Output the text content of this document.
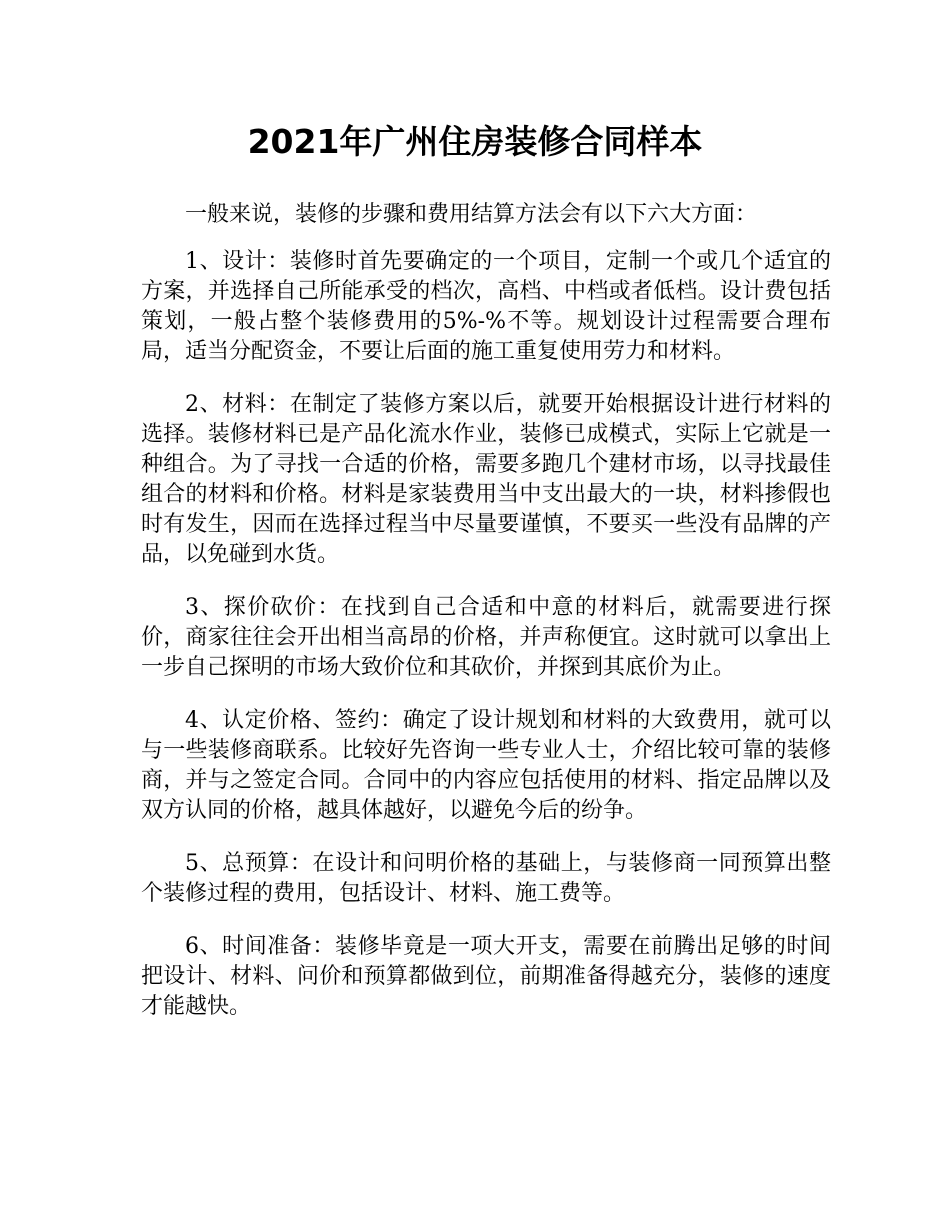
2021年广州住房装修合同样本

一般来说，装修的步骤和费用结算方法会有以下六大方面：

1、设计：装修时首先要确定的一个项目，定制一个或几个适宜的方案，并选择自己所能承受的档次，高档、中档或者低档。设计费包括策划，一般占整个装修费用的5%-%不等。规划设计过程需要合理布局，适当分配资金，不要让后面的施工重复使用劳力和材料。

2、材料：在制定了装修方案以后，就要开始根据设计进行材料的选择。装修材料已是产品化流水作业，装修已成模式，实际上它就是一种组合。为了寻找一合适的价格，需要多跑几个建材市场，以寻找最佳组合的材料和价格。材料是家装费用当中支出最大的一块，材料掺假也时有发生，因而在选择过程当中尽量要谨慎，不要买一些没有品牌的产品，以免碰到水货。

3、探价砍价：在找到自己合适和中意的材料后，就需要进行探价，商家往往会开出相当高昂的价格，并声称便宜。这时就可以拿出上一步自己探明的市场大致价位和其砍价，并探到其底价为止。

4、认定价格、签约：确定了设计规划和材料的大致费用，就可以与一些装修商联系。比较好先咨询一些专业人士，介绍比较可靠的装修商，并与之签定合同。合同中的内容应包括使用的材料、指定品牌以及双方认同的价格，越具体越好，以避免今后的纷争。

5、总预算：在设计和问明价格的基础上，与装修商一同预算出整个装修过程的费用，包括设计、材料、施工费等。

6、时间准备：装修毕竟是一项大开支，需要在前腾出足够的时间把设计、材料、问价和预算都做到位，前期准备得越充分，装修的速度才能越快。
